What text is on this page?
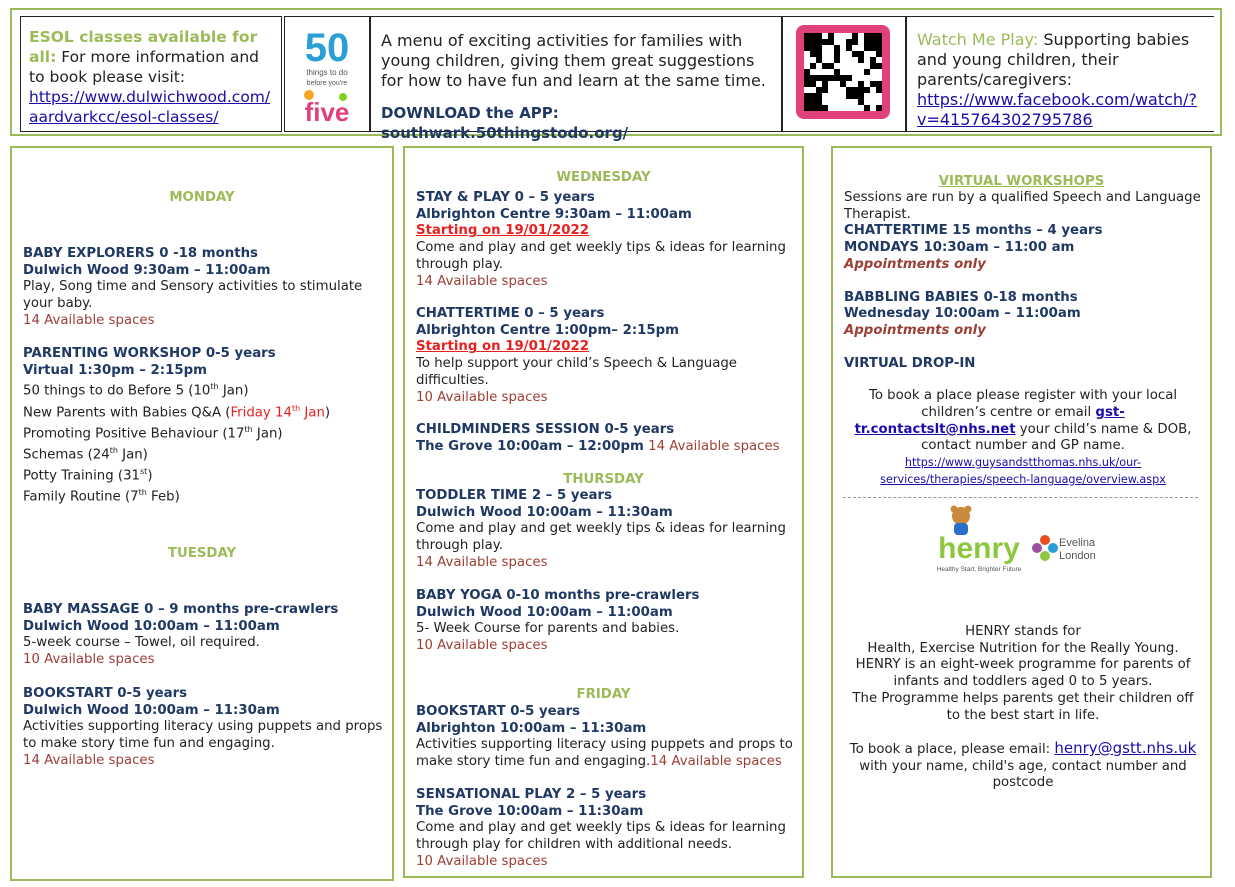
ESOL classes available for all: For more information and to book please visit:
https://www.dulwichwood.com/aardvarkcc/esol-classes/
50
things to do
before you're
five
A menu of exciting activities for families with young children, giving them great suggestions for how to have fun and learn at the same time.
DOWNLOAD the APP: southwark.50thingstodo.org/
Watch Me Play: Supporting babies and young children, their parents/caregivers:
https://www.facebook.com/watch/?v=415764302795786
MONDAY
BABY EXPLORERS 0 -18 months
Dulwich Wood 9:30am – 11:00am
Play, Song time and Sensory activities to stimulate your baby.
14 Available spaces
PARENTING WORKSHOP 0-5 years
Virtual 1:30pm – 2:15pm
50 things to do Before 5 (10th Jan)
New Parents with Babies Q&A (Friday 14th Jan)
Promoting Positive Behaviour (17th Jan)
Schemas (24th Jan)
Potty Training (31st)
Family Routine (7th Feb)
TUESDAY
BABY MASSAGE 0 – 9 months pre-crawlers
Dulwich Wood 10:00am – 11:00am
5-week course – Towel, oil required.
10 Available spaces
BOOKSTART 0-5 years
Dulwich Wood 10:00am – 11:30am
Activities supporting literacy using puppets and props to make story time fun and engaging.
14 Available spaces
WEDNESDAY
STAY & PLAY 0 – 5 years
Albrighton Centre 9:30am – 11:00am
Starting on 19/01/2022
Come and play and get weekly tips & ideas for learning through play.
14 Available spaces
CHATTERTIME 0 – 5 years
Albrighton Centre 1:00pm– 2:15pm
Starting on 19/01/2022
To help support your child’s Speech & Language difficulties.
10 Available spaces
CHILDMINDERS SESSION 0-5 years
The Grove 10:00am – 12:00pm 14 Available spaces
THURSDAY
TODDLER TIME 2 – 5 years
Dulwich Wood 10:00am – 11:30am
Come and play and get weekly tips & ideas for learning through play.
14 Available spaces
BABY YOGA 0-10 months pre-crawlers
Dulwich Wood 10:00am – 11:00am
5- Week Course for parents and babies.
10 Available spaces
FRIDAY
BOOKSTART 0-5 years
Albrighton 10:00am – 11:30am
Activities supporting literacy using puppets and props to make story time fun and engaging.14 Available spaces
SENSATIONAL PLAY 2 – 5 years
The Grove 10:00am – 11:30am
Come and play and get weekly tips & ideas for learning through play for children with additional needs.
10 Available spaces
VIRTUAL WORKSHOPS
Sessions are run by a qualified Speech and Language Therapist.
CHATTERTIME 15 months – 4 years
MONDAYS 10:30am – 11:00 am
Appointments only
BABBLING BABIES 0-18 months
Wednesday 10:00am – 11:00am
Appointments only
VIRTUAL DROP-IN
To book a place please register with your local children’s centre or email gst-tr.contactslt@nhs.net your child’s name & DOB, contact number and GP name.
https://www.guysandstthomas.nhs.uk/our-services/therapies/speech-language/overview.aspx
henry
Healthy Start, Brighter Future
Evelina
London
HENRY stands for
Health, Exercise Nutrition for the Really Young.
HENRY is an eight-week programme for parents of infants and toddlers aged 0 to 5 years.
The Programme helps parents get their children off to the best start in life.
To book a place, please email: henry@gstt.nhs.uk
with your name, child's age, contact number and postcode
